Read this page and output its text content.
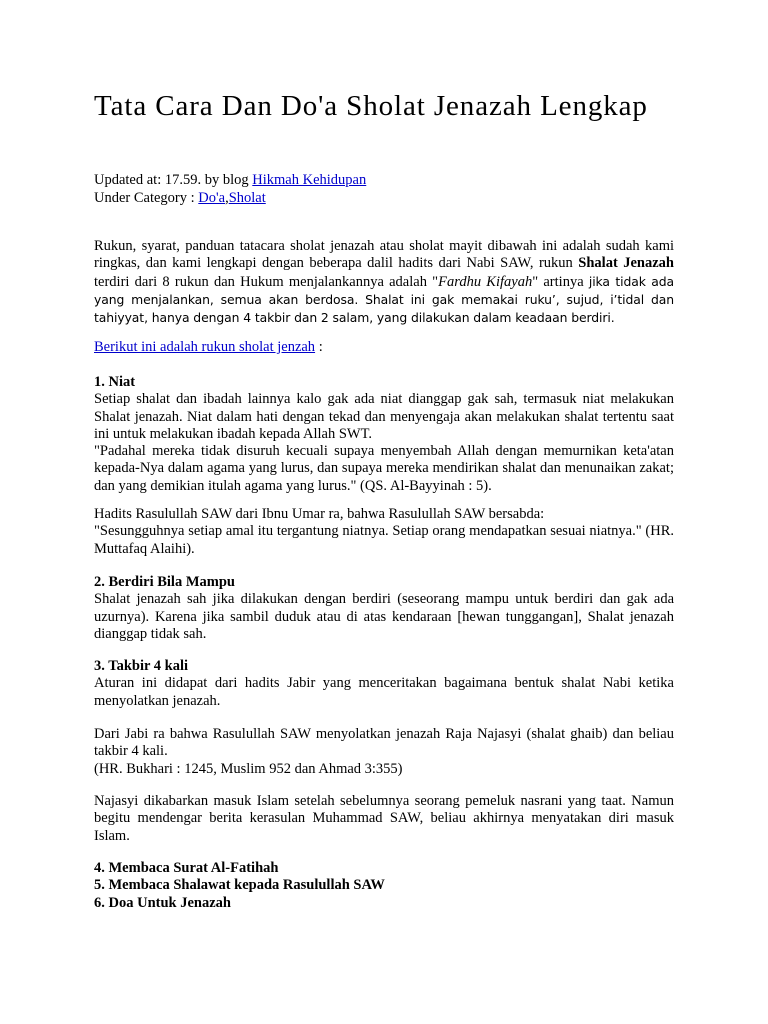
Tata Cara Dan Do'a Sholat Jenazah Lengkap
Updated at: 17.59. by blog Hikmah Kehidupan
Under Category : Do'a,Sholat

Rukun, syarat, panduan tatacara sholat jenazah atau sholat mayit dibawah ini adalah sudah kami ringkas, dan kami lengkapi dengan beberapa dalil hadits dari Nabi SAW, rukun Shalat Jenazah terdiri dari 8 rukun dan Hukum menjalankannya adalah "Fardhu Kifayah" artinya jika tidak ada yang menjalankan, semua akan berdosa. Shalat ini gak memakai ruku’, sujud, i’tidal dan tahiyyat, hanya dengan 4 takbir dan 2 salam, yang dilakukan dalam keadaan berdiri.

Berikut ini adalah rukun sholat jenzah :
1. Niat

Setiap shalat dan ibadah lainnya kalo gak ada niat dianggap gak sah, termasuk niat melakukan Shalat jenazah. Niat dalam hati dengan tekad dan menyengaja akan melakukan shalat tertentu saat ini untuk melakukan ibadah kepada Allah SWT.

"Padahal mereka tidak disuruh kecuali supaya menyembah Allah dengan memurnikan keta'atan kepada-Nya dalam agama yang lurus, dan supaya mereka mendirikan shalat dan menunaikan zakat; dan yang demikian itulah agama yang lurus." (QS. Al-Bayyinah : 5).

Hadits Rasulullah SAW dari Ibnu Umar ra, bahwa Rasulullah SAW bersabda:

"Sesungguhnya setiap amal itu tergantung niatnya. Setiap orang mendapatkan sesuai niatnya." (HR. Muttafaq Alaihi).

2. Berdiri Bila Mampu

Shalat jenazah sah jika dilakukan dengan berdiri (seseorang mampu untuk berdiri dan gak ada uzurnya). Karena jika sambil duduk atau di atas kendaraan [hewan tunggangan], Shalat jenazah dianggap tidak sah.

3. Takbir 4 kali

Aturan ini didapat dari hadits Jabir yang menceritakan bagaimana bentuk shalat Nabi ketika menyolatkan jenazah.

Dari Jabi ra bahwa Rasulullah SAW menyolatkan jenazah Raja Najasyi (shalat ghaib) dan beliau takbir 4 kali.

(HR. Bukhari : 1245, Muslim 952 dan Ahmad 3:355)

Najasyi dikabarkan masuk Islam setelah sebelumnya seorang pemeluk nasrani yang taat. Namun begitu mendengar berita kerasulan Muhammad SAW, beliau akhirnya menyatakan diri masuk Islam.

4. Membaca Surat Al-Fatihah
5. Membaca Shalawat kepada Rasulullah SAW
6. Doa Untuk Jenazah
